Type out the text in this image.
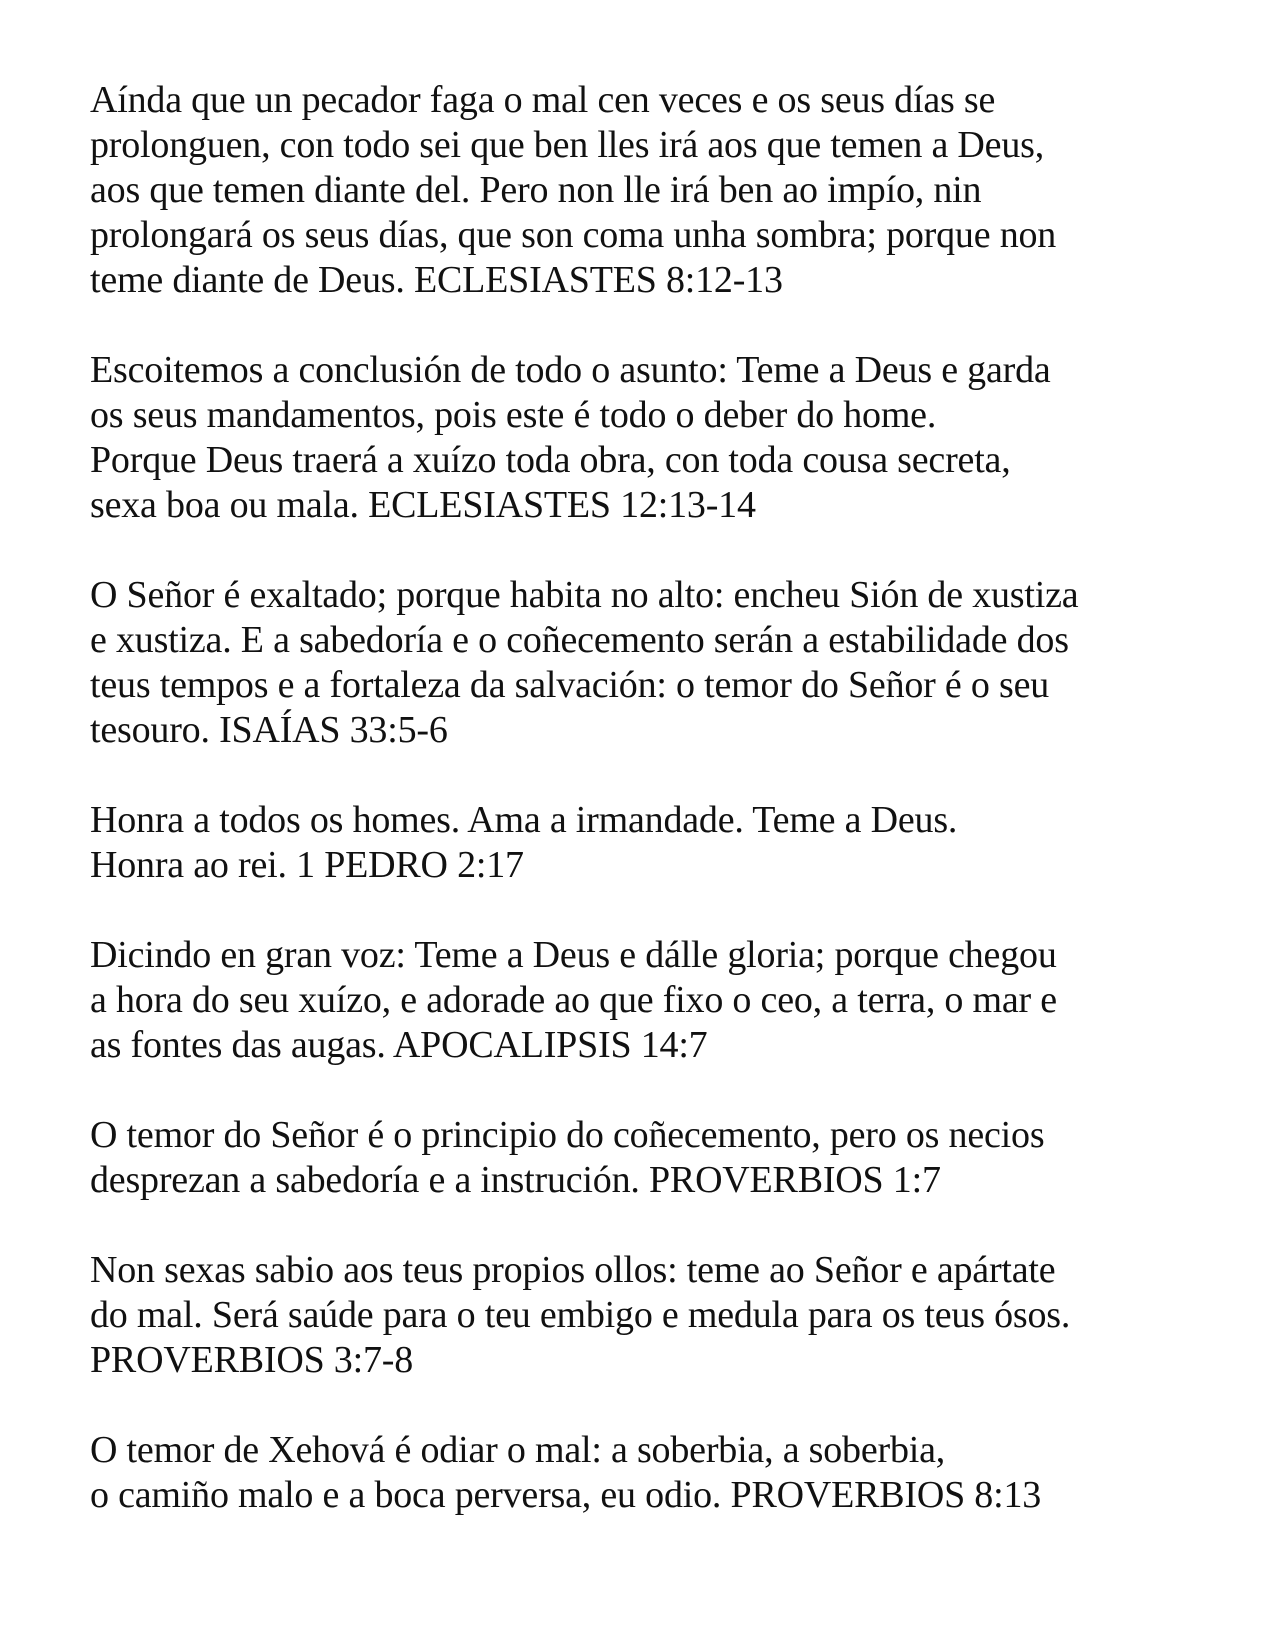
Aínda que un pecador faga o mal cen veces e os seus días se
prolonguen, con todo sei que ben lles irá aos que temen a Deus,
aos que temen diante del. Pero non lle irá ben ao impío, nin
prolongará os seus días, que son coma unha sombra; porque non
teme diante de Deus. ECLESIASTES 8:12-13
Escoitemos a conclusión de todo o asunto: Teme a Deus e garda
os seus mandamentos, pois este é todo o deber do home.
Porque Deus traerá a xuízo toda obra, con toda cousa secreta,
sexa boa ou mala. ECLESIASTES 12:13-14
O Señor é exaltado; porque habita no alto: encheu Sión de xustiza
e xustiza. E a sabedoría e o coñecemento serán a estabilidade dos
teus tempos e a fortaleza da salvación: o temor do Señor é o seu
tesouro. ISAÍAS 33:5-6
Honra a todos os homes. Ama a irmandade. Teme a Deus.
Honra ao rei. 1 PEDRO 2:17
Dicindo en gran voz: Teme a Deus e dálle gloria; porque chegou
a hora do seu xuízo, e adorade ao que fixo o ceo, a terra, o mar e
as fontes das augas. APOCALIPSIS 14:7
O temor do Señor é o principio do coñecemento, pero os necios
desprezan a sabedoría e a instrución. PROVERBIOS 1:7
Non sexas sabio aos teus propios ollos: teme ao Señor e apártate
do mal. Será saúde para o teu embigo e medula para os teus ósos.
PROVERBIOS 3:7-8
O temor de Xehová é odiar o mal: a soberbia, a soberbia,
o camiño malo e a boca perversa, eu odio. PROVERBIOS 8:13
